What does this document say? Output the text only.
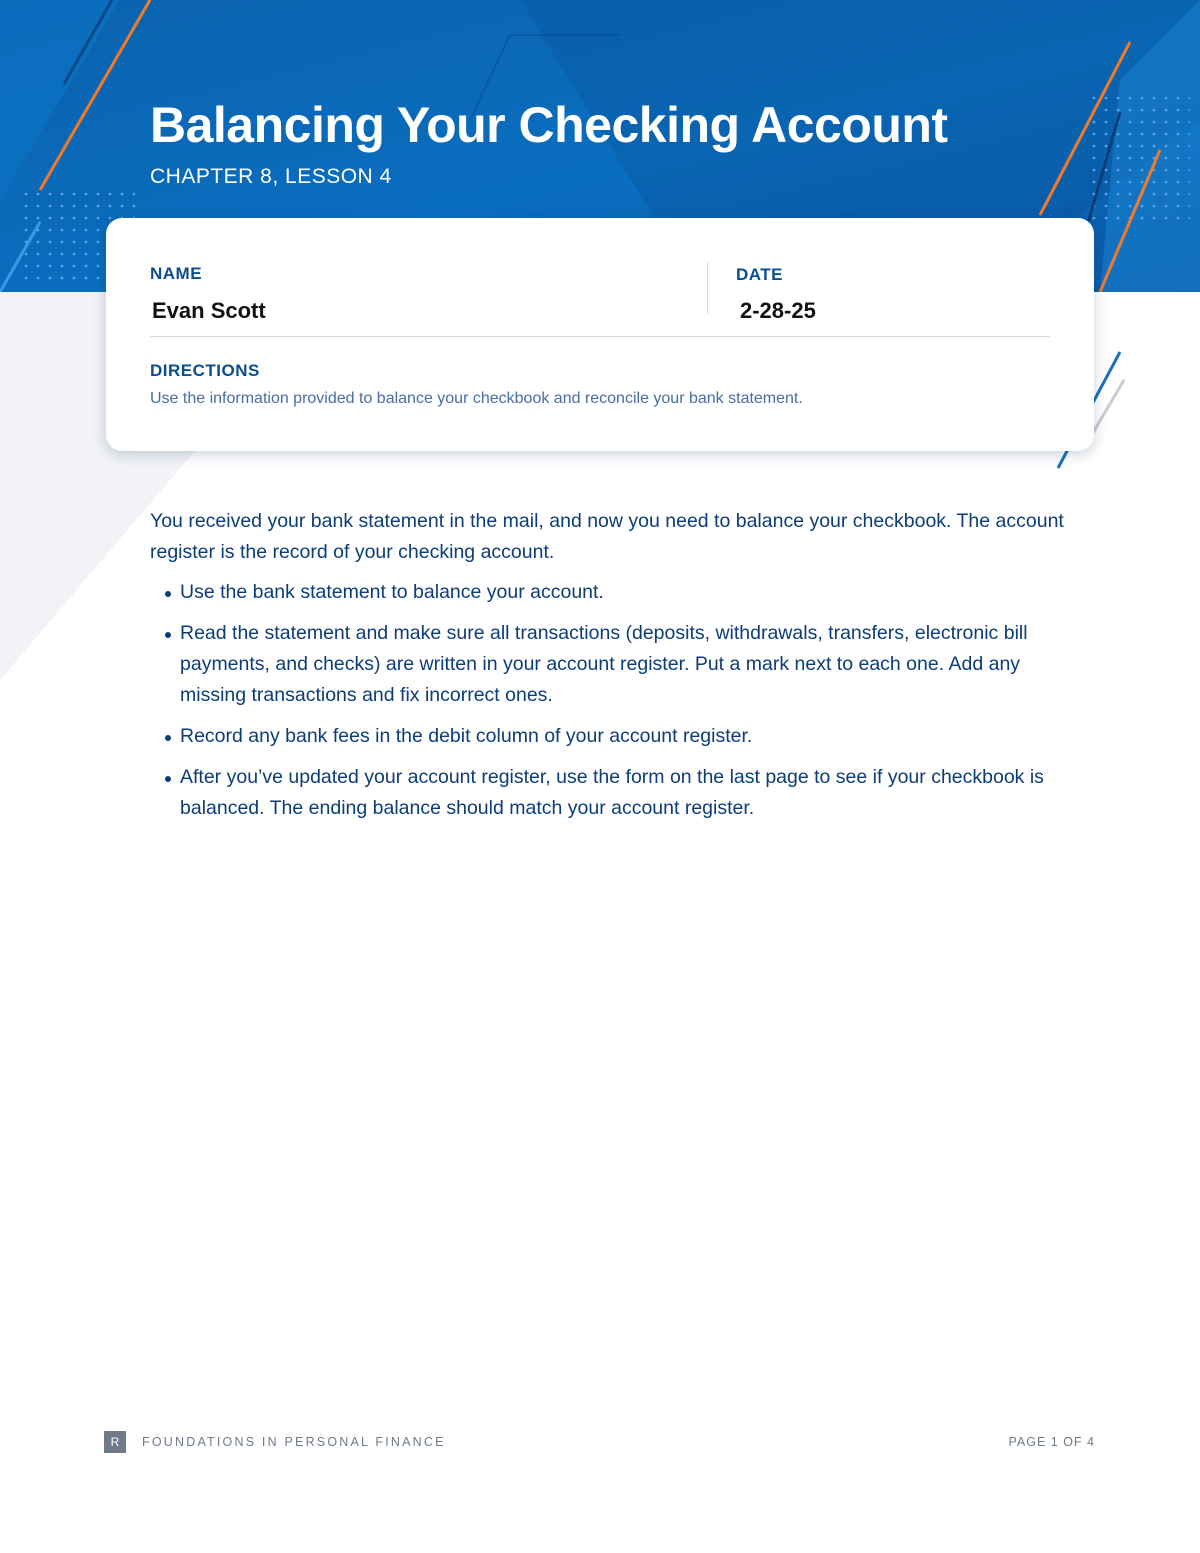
Balancing Your Checking Account
CHAPTER 8, LESSON 4
NAME
Evan Scott
DATE
2-28-25
DIRECTIONS
Use the information provided to balance your checkbook and reconcile your bank statement.

You received your bank statement in the mail, and now you need to balance your checkbook. The account register is the record of your checking account.

Use the bank statement to balance your account.
Read the statement and make sure all transactions (deposits, withdrawals, transfers, electronic bill payments, and checks) are written in your account register. Put a mark next to each one. Add any missing transactions and fix incorrect ones.
Record any bank fees in the debit column of your account register.
After you’ve updated your account register, use the form on the last page to see if your checkbook is balanced. The ending balance should match your account register.
R	FOUNDATIONS IN PERSONAL FINANCE	PAGE 1 OF 4
